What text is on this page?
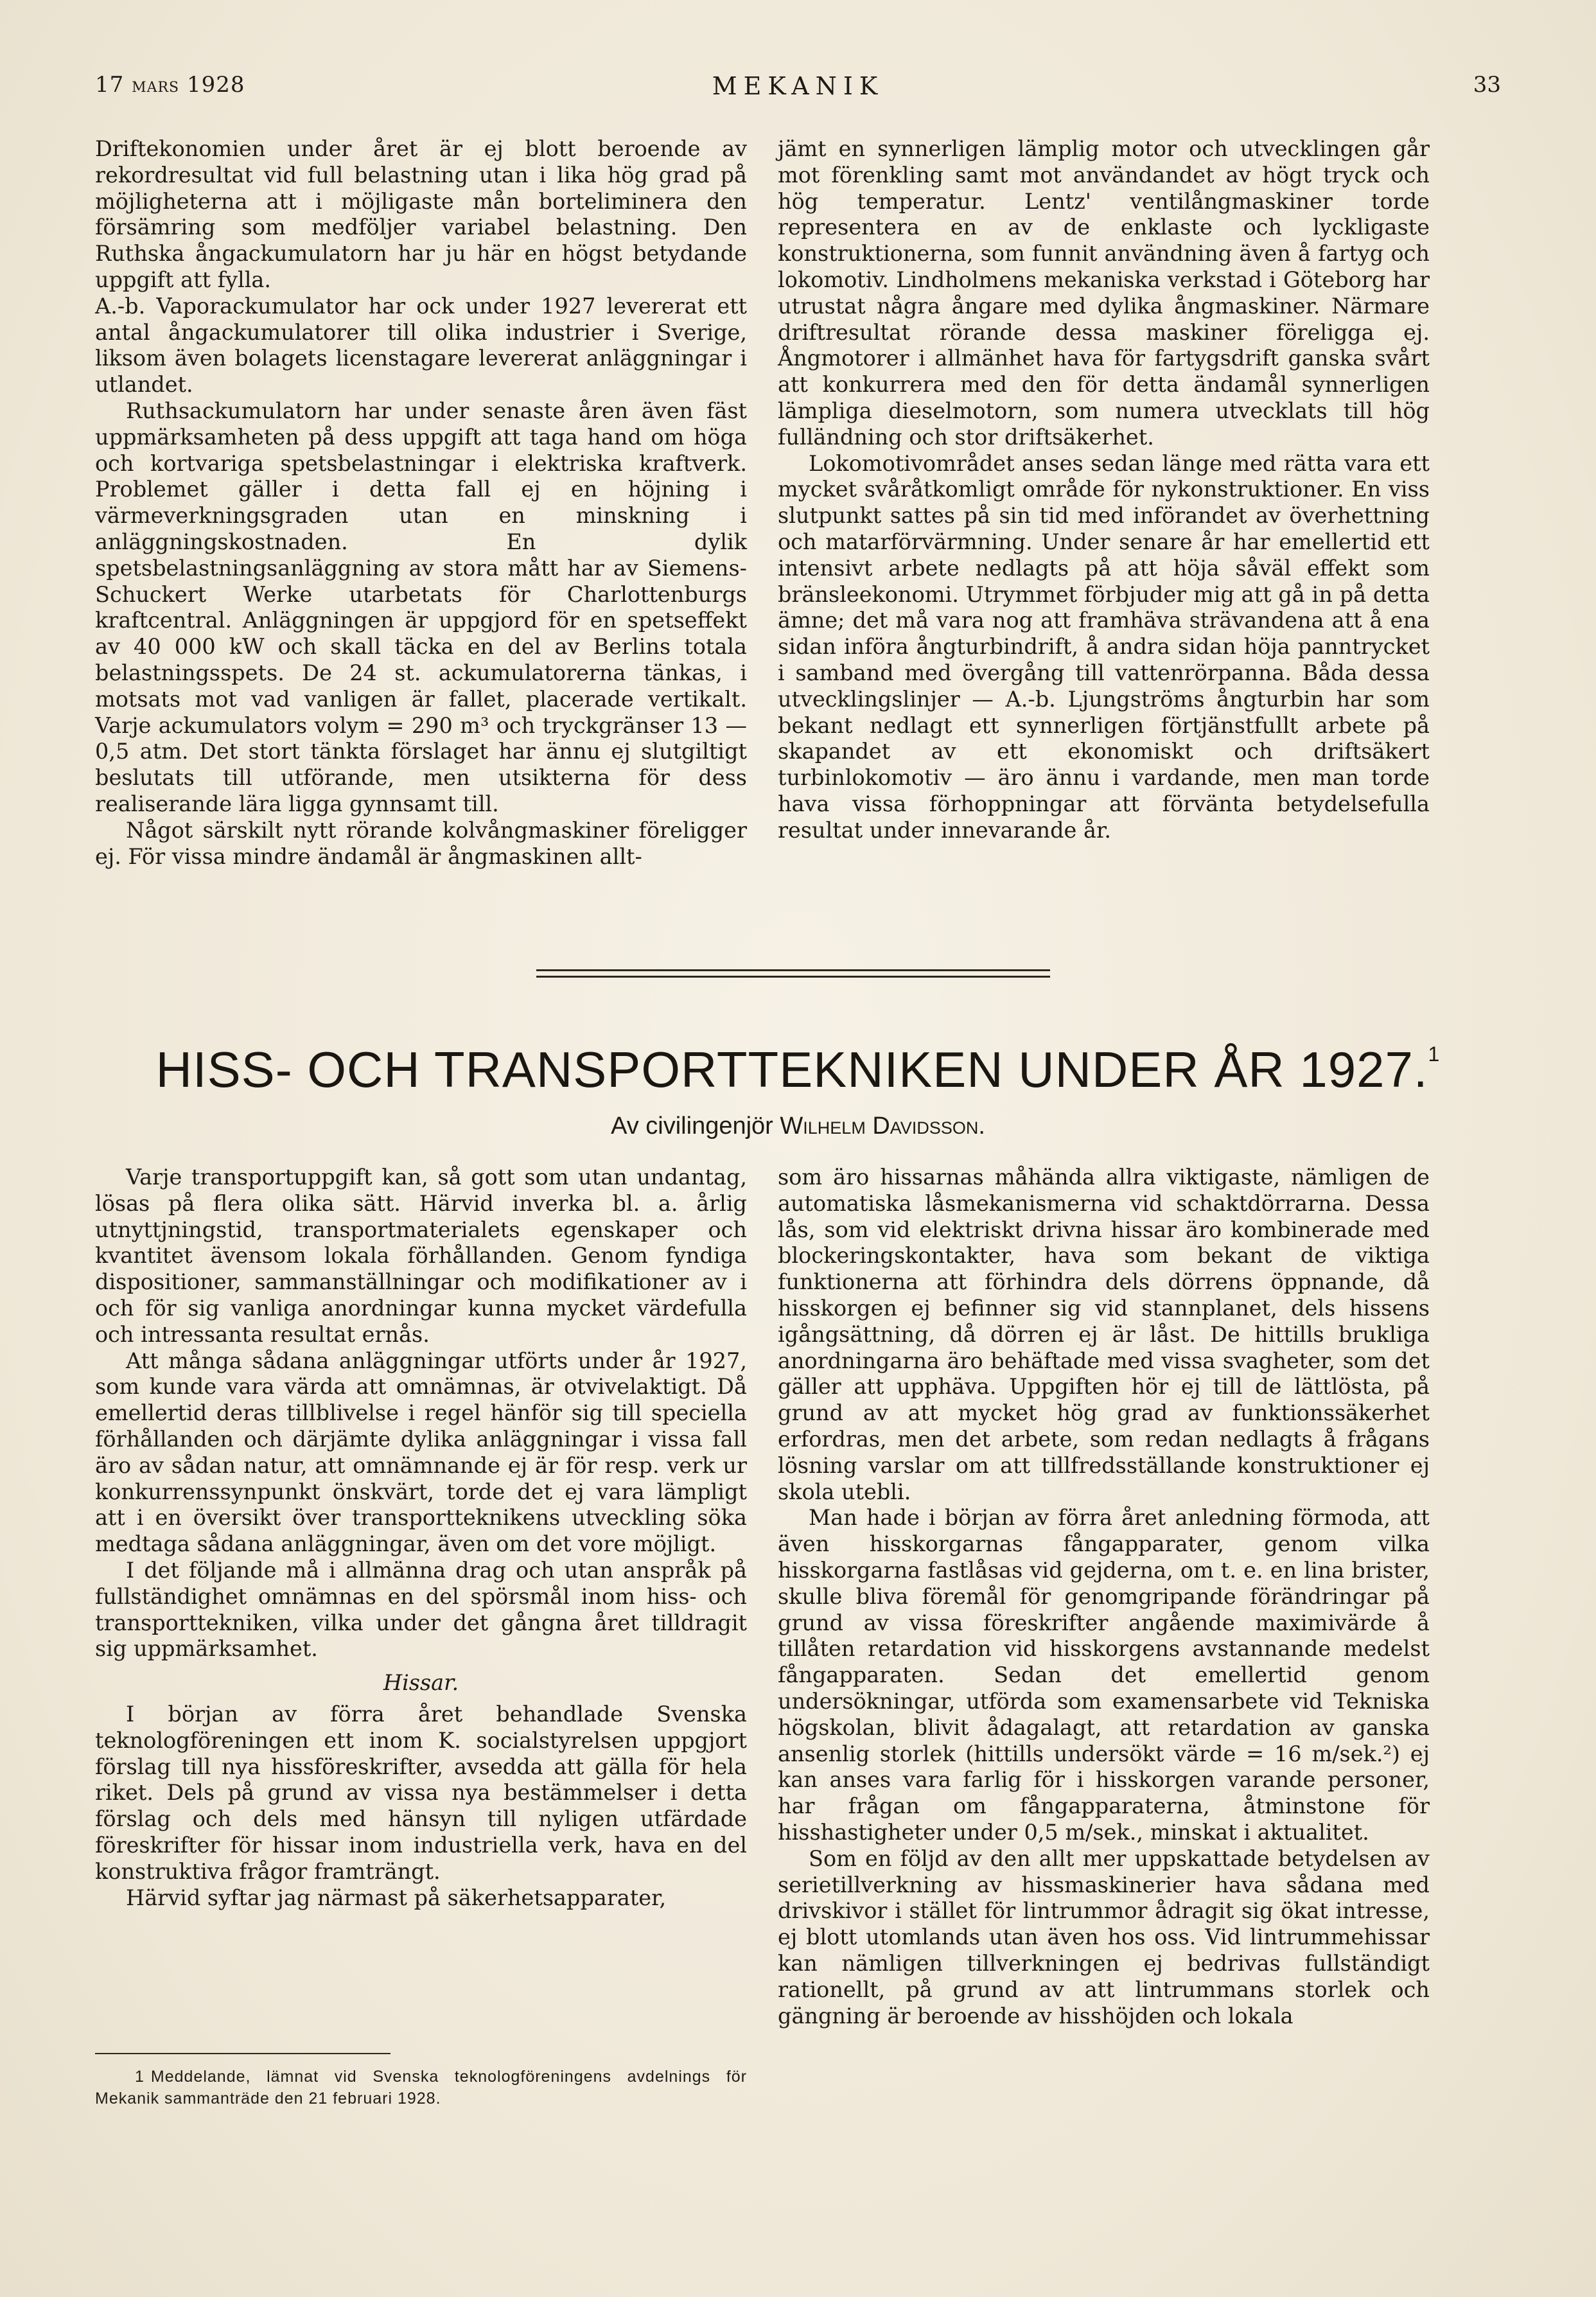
17 mars 1928	MEKANIK	33

Driftekonomien under året är ej blott beroende av rekordresultat vid full belastning utan i lika hög grad på möjligheterna att i möjligaste mån borteliminera den försämring som medföljer variabel belastning. Den Ruthska ångackumulatorn har ju här en högst betydande uppgift att fylla.

A.-b. Vaporackumulator har ock under 1927 levererat ett antal ångackumulatorer till olika industrier i Sverige, liksom även bolagets licenstagare levererat anläggningar i utlandet.

Ruthsackumulatorn har under senaste åren även fäst uppmärksamheten på dess uppgift att taga hand om höga och kortvariga spetsbelastningar i elektriska kraftverk. Problemet gäller i detta fall ej en höjning i värmeverkningsgraden utan en minskning i anläggningskostnaden. En dylik spetsbelastningsanläggning av stora mått har av Siemens-Schuckert Werke utarbetats för Charlottenburgs kraftcentral. Anläggningen är uppgjord för en spetseffekt av 40 000 kW och skall täcka en del av Berlins totala belastningsspets. De 24 st. ackumulatorerna tänkas, i motsats mot vad vanligen är fallet, placerade vertikalt. Varje ackumulators volym = 290 m³ och tryckgränser 13 — 0,5 atm. Det stort tänkta förslaget har ännu ej slutgiltigt beslutats till utförande, men utsikterna för dess realiserande lära ligga gynnsamt till.

Något särskilt nytt rörande kolvångmaskiner föreligger ej. För vissa mindre ändamål är ångmaskinen allt-

jämt en synnerligen lämplig motor och utvecklingen går mot förenkling samt mot användandet av högt tryck och hög temperatur. Lentz' ventilångmaskiner torde representera en av de enklaste och lyckligaste konstruktionerna, som funnit användning även å fartyg och lokomotiv. Lindholmens mekaniska verkstad i Göteborg har utrustat några ångare med dylika ångmaskiner. Närmare driftresultat rörande dessa maskiner föreligga ej. Ångmotorer i allmänhet hava för fartygsdrift ganska svårt att konkurrera med den för detta ändamål synnerligen lämpliga dieselmotorn, som numera utvecklats till hög fulländning och stor driftsäkerhet.

Lokomotivområdet anses sedan länge med rätta vara ett mycket svåråtkomligt område för nykonstruktioner. En viss slutpunkt sattes på sin tid med införandet av överhettning och matarförvärmning. Under senare år har emellertid ett intensivt arbete nedlagts på att höja såväl effekt som bränsleekonomi. Utrymmet förbjuder mig att gå in på detta ämne; det må vara nog att framhäva strävandena att å ena sidan införa ångturbindrift, å andra sidan höja panntrycket i samband med övergång till vattenrörpanna. Båda dessa utvecklingslinjer — A.-b. Ljungströms ångturbin har som bekant nedlagt ett synnerligen förtjänstfullt arbete på skapandet av ett ekonomiskt och driftsäkert turbinlokomotiv — äro ännu i vardande, men man torde hava vissa förhoppningar att förvänta betydelsefulla resultat under innevarande år.

HISS- OCH TRANSPORTTEKNIKEN UNDER ÅR 1927.$^1$
Av civilingenjör Wilhelm Davidsson.

Varje transportuppgift kan, så gott som utan undantag, lösas på flera olika sätt. Härvid inverka bl. a. årlig utnyttjningstid, transportmaterialets egenskaper och kvantitet ävensom lokala förhållanden. Genom fyndiga dispositioner, sammanställningar och modifikationer av i och för sig vanliga anordningar kunna mycket värdefulla och intressanta resultat ernås.

Att många sådana anläggningar utförts under år 1927, som kunde vara värda att omnämnas, är otvivelaktigt. Då emellertid deras tillblivelse i regel hänför sig till speciella förhållanden och därjämte dylika anläggningar i vissa fall äro av sådan natur, att omnämnande ej är för resp. verk ur konkurrenssynpunkt önskvärt, torde det ej vara lämpligt att i en översikt över transportteknikens utveckling söka medtaga sådana anläggningar, även om det vore möjligt.

I det följande må i allmänna drag och utan anspråk på fullständighet omnämnas en del spörsmål inom hiss- och transporttekniken, vilka under det gångna året tilldragit sig uppmärksamhet.

Hissar.

I början av förra året behandlade Svenska teknologföreningen ett inom K. socialstyrelsen uppgjort förslag till nya hissföreskrifter, avsedda att gälla för hela riket. Dels på grund av vissa nya bestämmelser i detta förslag och dels med hänsyn till nyligen utfärdade föreskrifter för hissar inom industriella verk, hava en del konstruktiva frågor framträngt.

Härvid syftar jag närmast på säkerhetsapparater,

som äro hissarnas måhända allra viktigaste, nämligen de automatiska låsmekanismerna vid schaktdörrarna. Dessa lås, som vid elektriskt drivna hissar äro kombinerade med blockeringskontakter, hava som bekant de viktiga funktionerna att förhindra dels dörrens öppnande, då hisskorgen ej befinner sig vid stannplanet, dels hissens igångsättning, då dörren ej är låst. De hittills brukliga anordningarna äro behäftade med vissa svagheter, som det gäller att upphäva. Uppgiften hör ej till de lättlösta, på grund av att mycket hög grad av funktionssäkerhet erfordras, men det arbete, som redan nedlagts å frågans lösning varslar om att tillfredsställande konstruktioner ej skola utebli.

Man hade i början av förra året anledning förmoda, att även hisskorgarnas fångapparater, genom vilka hisskorgarna fastlåsas vid gejderna, om t. e. en lina brister, skulle bliva föremål för genomgripande förändringar på grund av vissa föreskrifter angående maximivärde å tillåten retardation vid hisskorgens avstannande medelst fångapparaten. Sedan det emellertid genom undersökningar, utförda som examensarbete vid Tekniska högskolan, blivit ådagalagt, att retardation av ganska ansenlig storlek (hittills undersökt värde = 16 m/sek.²) ej kan anses vara farlig för i hisskorgen varande personer, har frågan om fångapparaterna, åtminstone för hisshastigheter under 0,5 m/sek., minskat i aktualitet.

Som en följd av den allt mer uppskattade betydelsen av serietillverkning av hissmaskinerier hava sådana med drivskivor i stället för lintrummor ådragit sig ökat intresse, ej blott utomlands utan även hos oss. Vid lintrummehissar kan nämligen tillverkningen ej bedrivas fullständigt rationellt, på grund av att lintrummans storlek och gängning är beroende av hisshöjden och lokala

1 Meddelande, lämnat vid Svenska teknologföreningens avdelnings för Mekanik sammanträde den 21 februari 1928.
